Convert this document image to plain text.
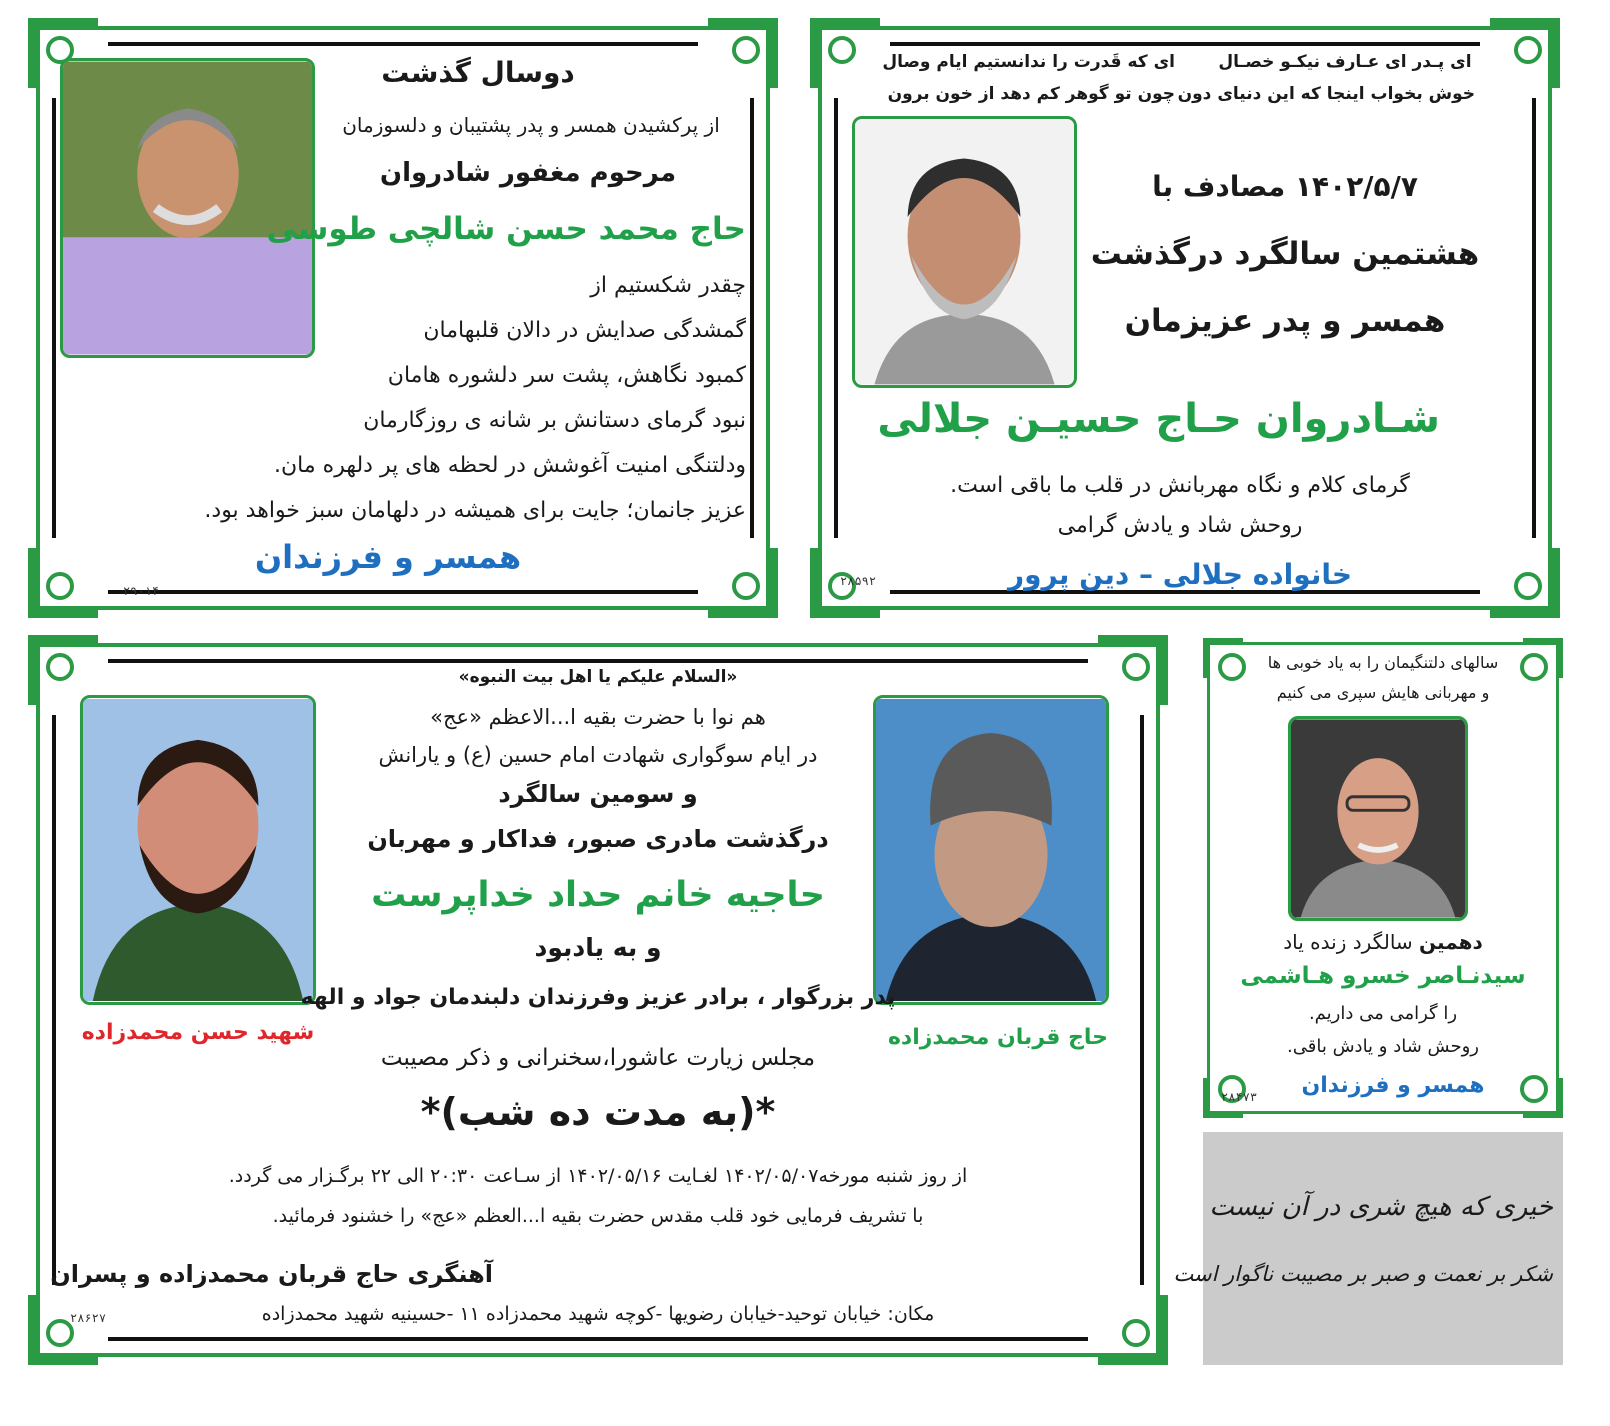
دوسال گذشت
از پرکشیدن همسر و پدر پشتیبان و دلسوزمان
مرحوم مغفور شادروان
حاج محمد حسن شالچی طوسی
چقدر شکستیم از
گمشدگی صدایش در دالان قلبهامان
کمبود نگاهش، پشت سر دلشوره هامان
نبود گرمای دستانش بر شانه ی روزگارمان
ودلتنگی امنیت آغوشش در لحظه های پر دلهره مان.
عزیز جانمان؛ جایت برای همیشه در دلهامان سبز خواهد بود.
همسر و فرزندان
۲۹۰۱۴
ای پـدر ای عـارف نیکـو خصـال
خوش بخواب اینجا که این دنیای دون
ای که قَدرت را ندانستیم ایام وصال
چون تو گوهر کم دهد از خون برون
۱۴۰۲/۵/۷ مصادف با
هشتمین سالگرد درگذشت
همسر و پدر عزیزمان
شـادروان حـاج حسیـن جلالی
گرمای کلام و نگاه مهربانش در قلب ما باقی است.
روحش شاد و یادش گرامی
خانواده جلالی – دین پرور
۲۸۵۹۲
شهید حسن محمدزاده	حاج قربان محمدزاده
«السلام علیکم یا اهل بیت النبوه»
هم نوا با حضرت بقیه ا...الاعظم «عج»
در ایام سوگواری شهادت امام حسین (ع) و یارانش
و سومین سالگرد
درگذشت مادری صبور، فداکار و مهربان
حاجیه خانم حداد خداپرست
و به یادبود
پدر بزرگوار ، برادر عزیز وفرزندان دلبندمان جواد و الهه
مجلس زیارت عاشورا،سخنرانی و ذکر مصیبت
*(به مدت ده شب)*
از روز شنبه مورخه۱۴۰۲/۰۵/۰۷ لغـایت ۱۴۰۲/۰۵/۱۶ از سـاعت ۲۰:۳۰ الی ۲۲ برگـزار می گردد.
با تشریف فرمایی خود قلب مقدس حضرت بقیه ا...العظم «عج» را خشنود فرمائید.
آهنگری حاج قربان محمدزاده و پسران
مکان: خیابان توحید-خیابان رضویها -کوچه شهید محمدزاده ۱۱ -حسینیه شهید محمدزاده
۲۸۶۲۷
سالهای دلتنگیمان را به یاد خوبی ها
و مهربانی هایش سپری می کنیم
دهمین سالگرد زنده یاد
سیدنـاصر خسرو هـاشمی
را گرامی می داریم.
روحش شاد و یادش باقی.
همسر و فرزندان
۲۸۴۷۳
خیری که هیچ شری در آن نیست
شکر بر نعمت و صبر بر مصیبت ناگوار است
